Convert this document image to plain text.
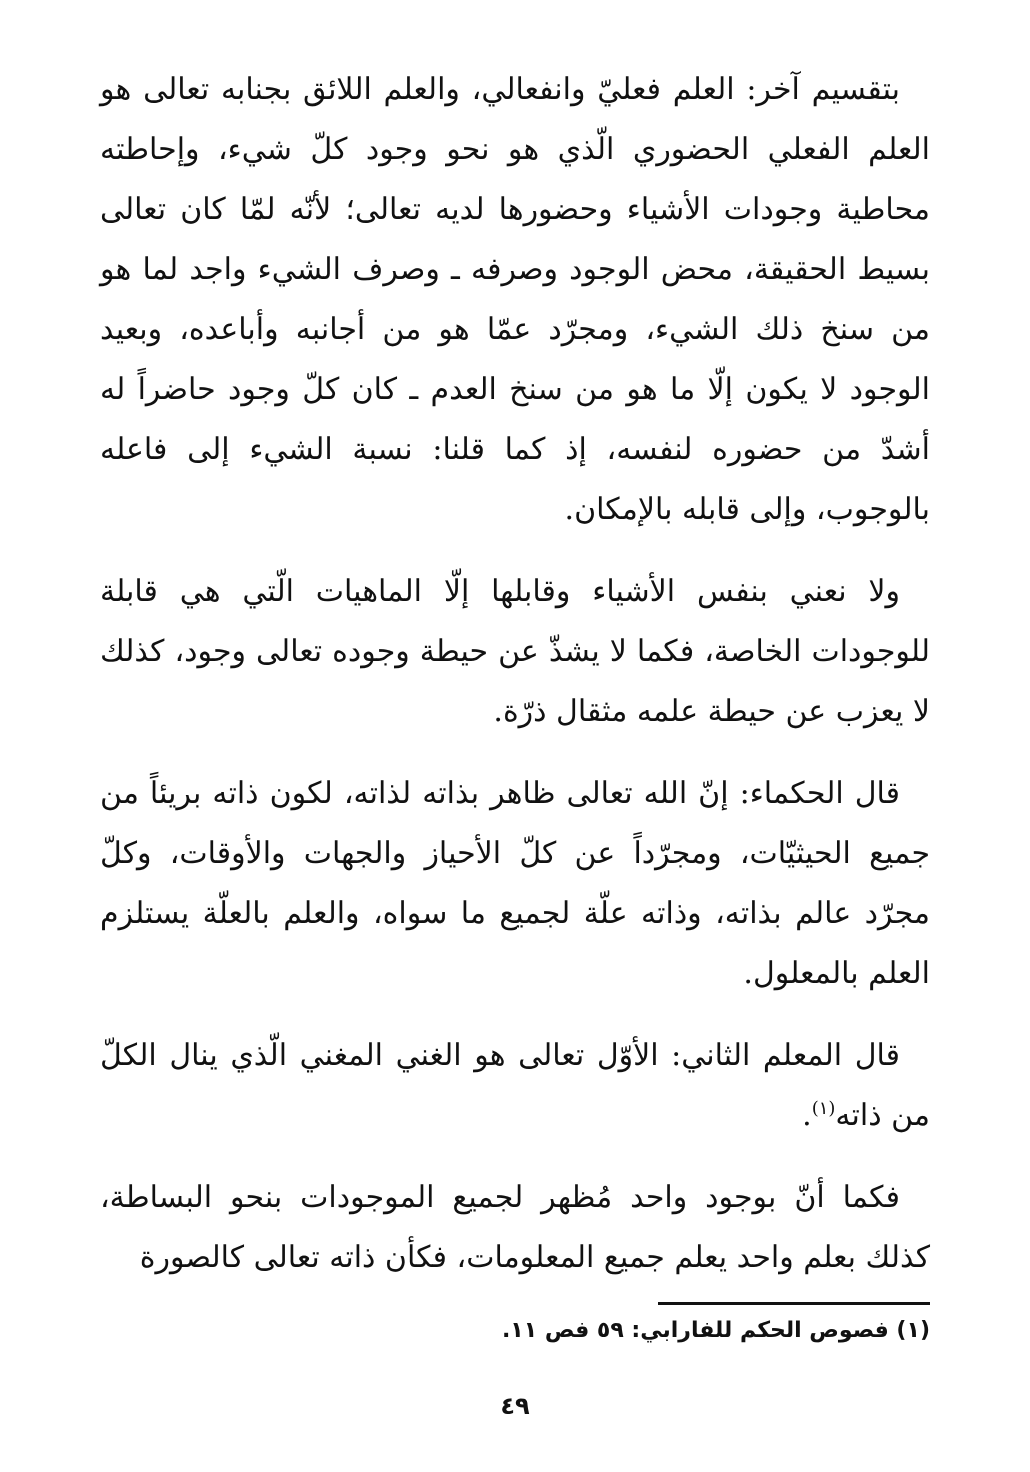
بتقسيم آخر: العلم فعليّ وانفعالي، والعلم اللائق بجنابه تعالى هو العلم الفعلي الحضوري الّذي هو نحو وجود كلّ شيء، وإحاطته محاطية وجودات الأشياء وحضورها لديه تعالى؛ لأنّه لمّا كان تعالى بسيط الحقيقة، محض الوجود وصرفه ـ وصرف الشيء واجد لما هو من سنخ ذلك الشيء، ومجرّد عمّا هو من أجانبه وأباعده، وبعيد الوجود لا يكون إلّا ما هو من سنخ العدم ـ كان كلّ وجود حاضراً له أشدّ من حضوره لنفسه، إذ كما قلنا: نسبة الشيء إلى فاعله بالوجوب، وإلى قابله بالإمكان.

ولا نعني بنفس الأشياء وقابلها إلّا الماهيات الّتي هي قابلة للوجودات الخاصة، فكما لا يشذّ عن حيطة وجوده تعالى وجود، كذلك لا يعزب عن حيطة علمه مثقال ذرّة.

قال الحكماء: إنّ الله تعالى ظاهر بذاته لذاته، لكون ذاته بريئاً من جميع الحيثيّات، ومجرّداً عن كلّ الأحياز والجهات والأوقات، وكلّ مجرّد عالم بذاته، وذاته علّة لجميع ما سواه، والعلم بالعلّة يستلزم العلم بالمعلول.

قال المعلم الثاني: الأوّل تعالى هو الغني المغني الّذي ينال الكلّ من ذاته$^{(١)}$.

فكما أنّ بوجود واحد مُظهر لجميع الموجودات بنحو البساطة، كذلك بعلم واحد يعلم جميع المعلومات، فكأن ذاته تعالى كالصورة

(١) فصوص الحكم للفارابي: ٥٩ فص ١١.
٤٩
